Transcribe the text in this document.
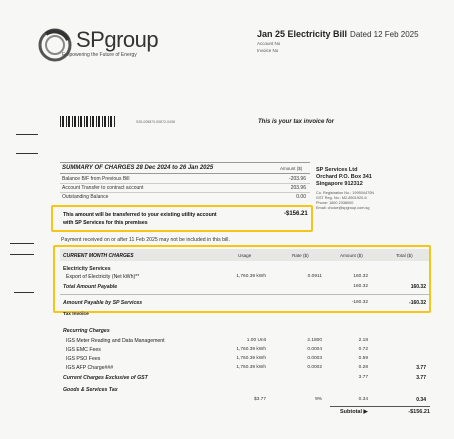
SPgroup
Empowering the Future of Energy
Jan 25 Electricity Bill Dated 12 Feb 2025
Account No
Invoice No
S25-005870-00872-0438	This is your tax invoice for
SUMMARY OF CHARGES 28 Dec 2024 to 26 Jan 2025	Amount ($)
Balance B/F from Previous Bill	-203.96
Account Transfer to contract account	203.96
Outstanding Balance	0.00
This amount will be transferred to your existing utility account
with SP Services for this premises
-$156.21
SP Services Ltd
Orchard P.O. Box 341
Singapore 912312
Co. Registration No.: 199504470N
GST Reg. No.: M2-8501920-6
Phone: 1800 2338000
Email: choice@spgroup.com.sg
Payment received on or after 11 Feb 2025 may not be included in this bill.
CURRENT MONTH CHARGES	Usage	Rate ($)	Amount ($)	Total ($)
Electricity Services
Export of Electricity (Net kWh)**	1,760.39 kWh	0.0911	160.32
Total Amount Payable	160.32	160.32
Amount Payable by SP Services	-160.32	-160.32
Tax Invoice
Recurring Charges
IGS Meter Reading and Data Management	1.00 Unit	2.1800	2.18
IGS EMC Fees	1,760.39 kWh	0.0004	0.72
IGS PSO Fees	1,760.39 kWh	0.0003	0.59
IGS AFP Charge###	1,760.39 kWh	0.0002	0.28	3.77
Current Charges Exclusive of GST	3.77	3.77
Goods & Services Tax
$3.77	9%	0.34	0.34
Subtotal ▶	-$156.21
